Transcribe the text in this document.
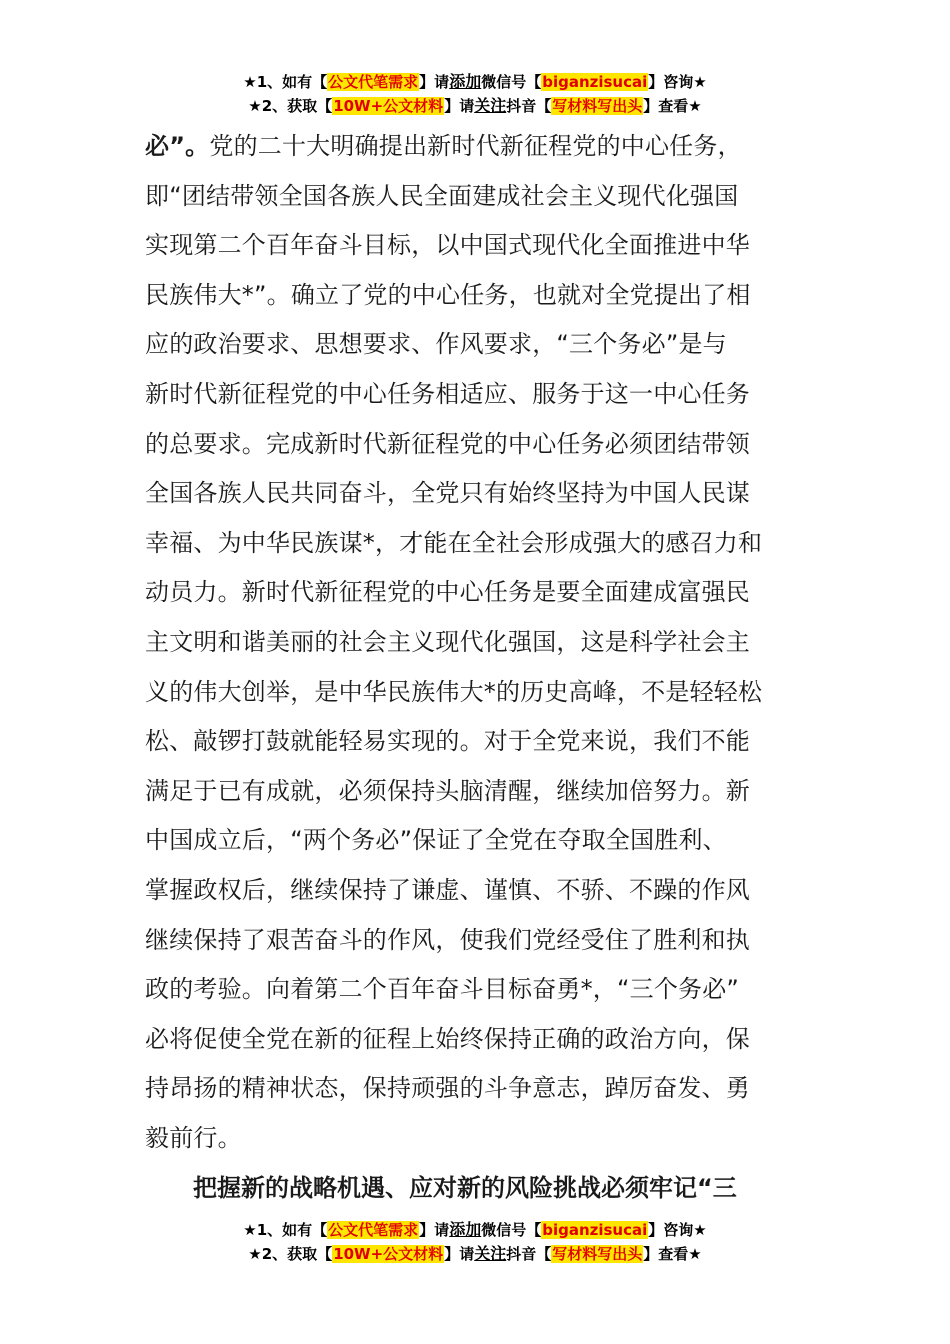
★1、如有【公文代笔需求】请添加微信号【biganzisucai】咨询★
★2、获取【10W+公文材料】请关注抖音【写材料写出头】查看★
必”。党的二十大明确提出新时代新征程党的中心任务，
即“团结带领全国各族人民全面建成社会主义现代化强国
实现第二个百年奋斗目标，以中国式现代化全面推进中华
民族伟大*”。确立了党的中心任务，也就对全党提出了相
应的政治要求、思想要求、作风要求，“三个务必”是与
新时代新征程党的中心任务相适应、服务于这一中心任务
的总要求。完成新时代新征程党的中心任务必须团结带领
全国各族人民共同奋斗，全党只有始终坚持为中国人民谋
幸福、为中华民族谋*，才能在全社会形成强大的感召力和
动员力。新时代新征程党的中心任务是要全面建成富强民
主文明和谐美丽的社会主义现代化强国，这是科学社会主
义的伟大创举，是中华民族伟大*的历史高峰，不是轻轻松
松、敲锣打鼓就能轻易实现的。对于全党来说，我们不能
满足于已有成就，必须保持头脑清醒，继续加倍努力。新
中国成立后，“两个务必”保证了全党在夺取全国胜利、
掌握政权后，继续保持了谦虚、谨慎、不骄、不躁的作风
继续保持了艰苦奋斗的作风，使我们党经受住了胜利和执
政的考验。向着第二个百年奋斗目标奋勇*，“三个务必”
必将促使全党在新的征程上始终保持正确的政治方向，保
持昂扬的精神状态，保持顽强的斗争意志，踔厉奋发、勇
毅前行。
把握新的战略机遇、应对新的风险挑战必须牢记“三
★1、如有【公文代笔需求】请添加微信号【biganzisucai】咨询★
★2、获取【10W+公文材料】请关注抖音【写材料写出头】查看★
